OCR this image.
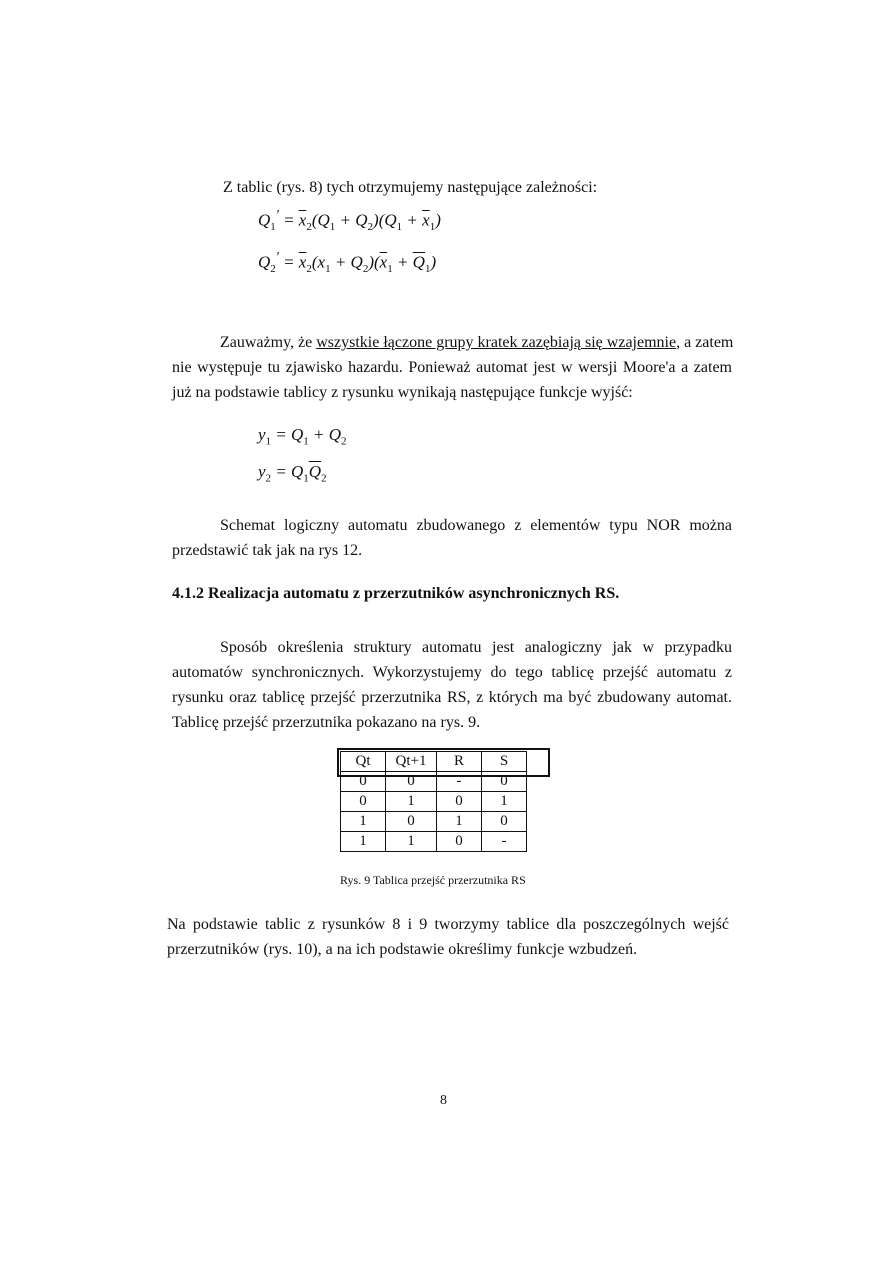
Z tablic (rys. 8) tych otrzymujemy następujące zależności:
$Q_1' = \overline{x}_2(Q_1 + Q_2)(Q_1 + \overline{x}_1)$
$Q_2' = \overline{x}_2(x_1 + Q_2)(\overline{x}_1 + \overline{Q}_1)$
Zauważmy, że wszystkie łączone grupy kratek zazębiają się wzajemnie, a zatem
nie występuje tu zjawisko hazardu. Ponieważ automat jest w wersji Moore'a a zatem
już na podstawie tablicy z rysunku wynikają następujące funkcje wyjść:
$y_1 = Q_1 + Q_2$
$y_2 = Q_1\overline{Q}_2$
Schemat logiczny automatu zbudowanego z elementów typu NOR można
przedstawić tak jak na rys 12.
4.1.2 Realizacja automatu z przerzutników asynchronicznych RS.
Sposób określenia struktury automatu jest analogiczny jak w przypadku
automatów synchronicznych. Wykorzystujemy do tego tablicę przejść automatu z
rysunku oraz tablicę przejść przerzutnika RS, z których ma być zbudowany automat.
Tablicę przejść przerzutnika pokazano na rys. 9.
Qt	Qt+1	R	S
0	0	-	0
0	1	0	1
1	0	1	0
1	1	0	-
Rys. 9 Tablica przejść przerzutnika RS
Na podstawie tablic z rysunków 8 i 9 tworzymy tablice dla poszczególnych wejść
przerzutników (rys. 10), a na ich podstawie określimy funkcje wzbudzeń.
8
